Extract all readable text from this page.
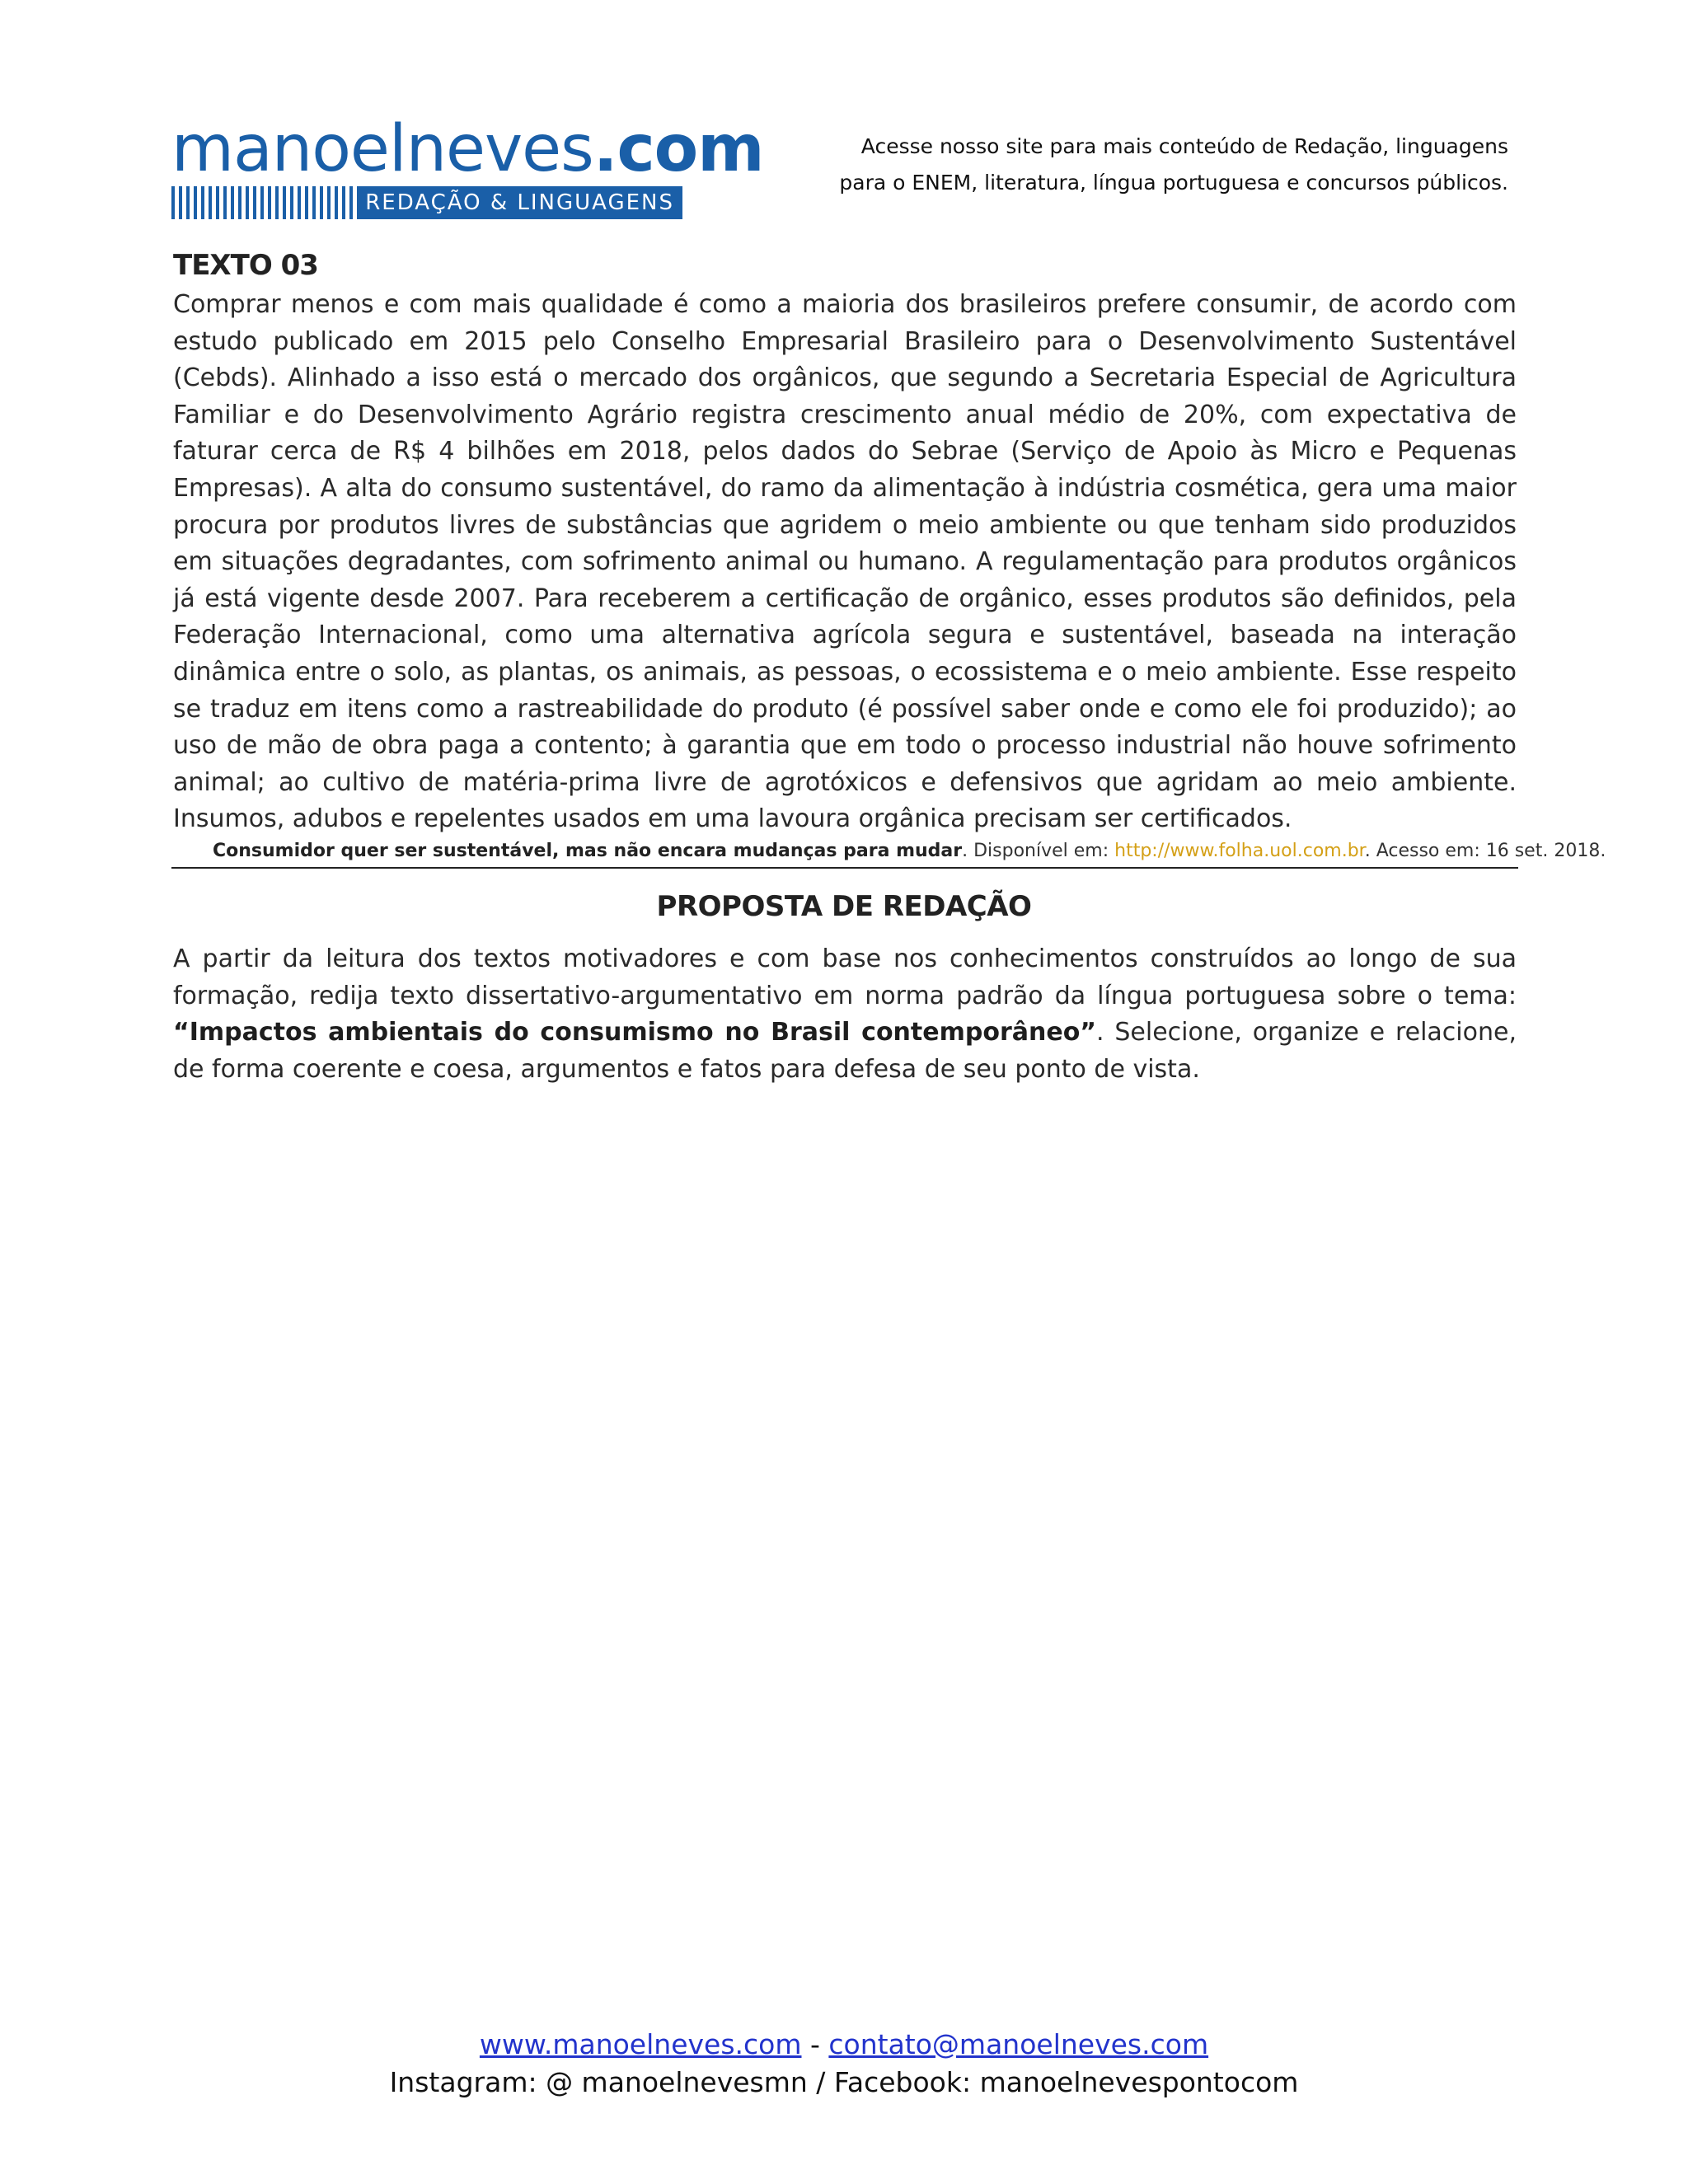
manoelneves.com
REDAÇÃO & LINGUAGENS
Acesse nosso site para mais conteúdo de Redação, linguagens
para o ENEM, literatura, língua portuguesa e concursos públicos.
TEXTO 03
Comprar menos e com mais qualidade é como a maioria dos brasileiros prefere consumir, de acordo com estudo publicado em 2015 pelo Conselho Empresarial Brasileiro para o Desenvolvimento Sustentável (Cebds). Alinhado a isso está o mercado dos orgânicos, que segundo a Secretaria Especial de Agricultura Familiar e do Desenvolvimento Agrário registra crescimento anual médio de 20%, com expectativa de faturar cerca de R$ 4 bilhões em 2018, pelos dados do Sebrae (Serviço de Apoio às Micro e Pequenas Empresas). A alta do consumo sustentável, do ramo da alimentação à indústria cosmética, gera uma maior procura por produtos livres de substâncias que agridem o meio ambiente ou que tenham sido produzidos em situações degradantes, com sofrimento animal ou humano. A regulamentação para produtos orgânicos já está vigente desde 2007. Para receberem a certificação de orgânico, esses produtos são definidos, pela Federação Internacional, como uma alternativa agrícola segura e sustentável, baseada na interação dinâmica entre o solo, as plantas, os animais, as pessoas, o ecossistema e o meio ambiente. Esse respeito se traduz em itens como a rastreabilidade do produto (é possível saber onde e como ele foi produzido); ao uso de mão de obra paga a contento; à garantia que em todo o processo industrial não houve sofrimento animal; ao cultivo de matéria-prima livre de agrotóxicos e defensivos que agridam ao meio ambiente. Insumos, adubos e repelentes usados em uma lavoura orgânica precisam ser certificados.
Consumidor quer ser sustentável, mas não encara mudanças para mudar. Disponível em: http://www.folha.uol.com.br. Acesso em: 16 set. 2018.
PROPOSTA DE REDAÇÃO
A partir da leitura dos textos motivadores e com base nos conhecimentos construídos ao longo de sua formação, redija texto dissertativo-argumentativo em norma padrão da língua portuguesa sobre o tema: “Impactos ambientais do consumismo no Brasil contemporâneo”. Selecione, organize e relacione, de forma coerente e coesa, argumentos e fatos para defesa de seu ponto de vista.
www.manoelneves.com - contato@manoelneves.com
Instagram: @ manoelnevesmn / Facebook: manoelnevespontocom
